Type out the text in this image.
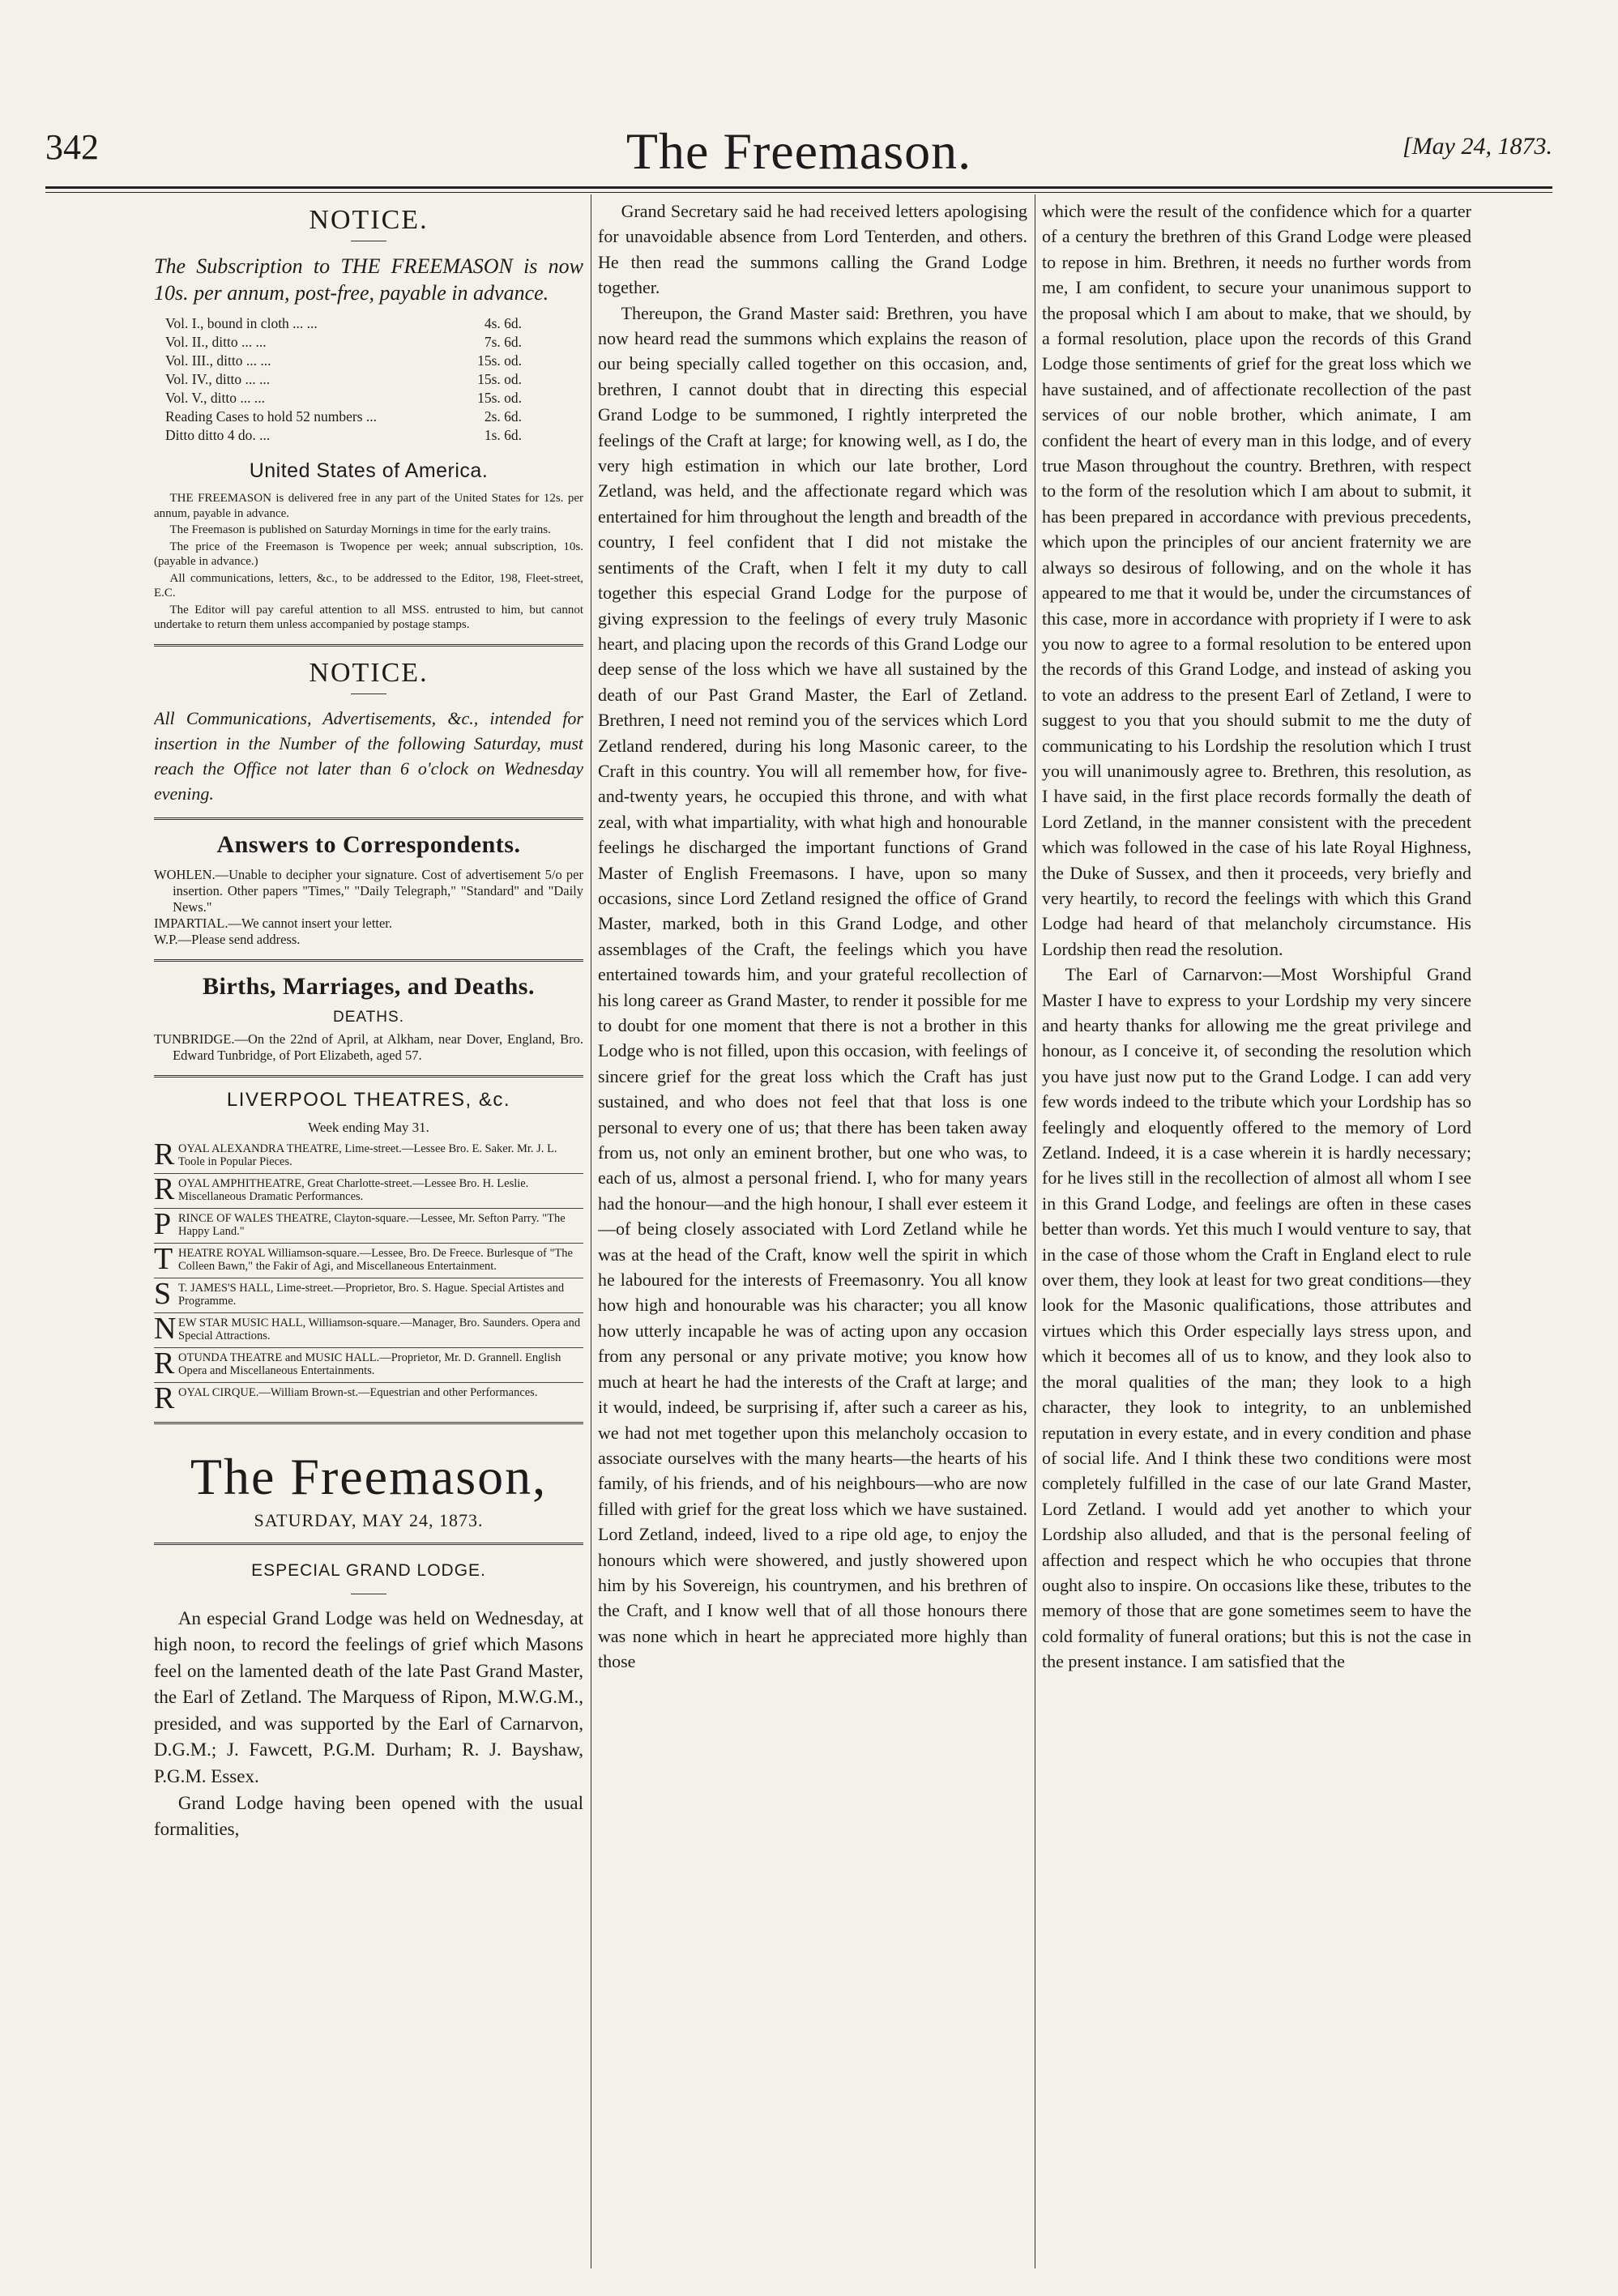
342	The Freemason.	[May 24, 1873.
NOTICE.

The Subscription to THE FREEMASON is now 10s. per annum, post-free, payable in advance.

Vol. I., bound in cloth ... ...	4s. 6d.
Vol. II., ditto ... ...	7s. 6d.
Vol. III., ditto ... ...	15s. od.
Vol. IV., ditto ... ...	15s. od.
Vol. V., ditto ... ...	15s. od.
Reading Cases to hold 52 numbers ...	2s. 6d.
Ditto ditto 4 do. ...	1s. 6d.
United States of America.

THE FREEMASON is delivered free in any part of the United States for 12s. per annum, payable in advance.

The Freemason is published on Saturday Mornings in time for the early trains.

The price of the Freemason is Twopence per week; annual subscription, 10s. (payable in advance.)

All communications, letters, &c., to be addressed to the Editor, 198, Fleet-street, E.C.

The Editor will pay careful attention to all MSS. entrusted to him, but cannot undertake to return them unless accompanied by postage stamps.

NOTICE.

All Communications, Advertisements, &c., intended for insertion in the Number of the following Saturday, must reach the Office not later than 6 o'clock on Wednesday evening.

Answers to Correspondents.

WOHLEN.—Unable to decipher your signature. Cost of advertisement 5/o per insertion. Other papers "Times," "Daily Telegraph," "Standard" and "Daily News."

IMPARTIAL.—We cannot insert your letter.

W.P.—Please send address.

Births, Marriages, and Deaths.
DEATHS.

TUNBRIDGE.—On the 22nd of April, at Alkham, near Dover, England, Bro. Edward Tunbridge, of Port Elizabeth, aged 57.

LIVERPOOL THEATRES, &c.
Week ending May 31.
R OYAL ALEXANDRA THEATRE, Lime-street.—Lessee Bro. E. Saker. Mr. J. L. Toole in Popular Pieces.
R OYAL AMPHITHEATRE, Great Charlotte-street.—Lessee Bro. H. Leslie. Miscellaneous Dramatic Performances.
P RINCE OF WALES THEATRE, Clayton-square.—Lessee, Mr. Sefton Parry. "The Happy Land."
T HEATRE ROYAL Williamson-square.—Lessee, Bro. De Freece. Burlesque of "The Colleen Bawn," the Fakir of Agi, and Miscellaneous Entertainment.
S T. JAMES'S HALL, Lime-street.—Proprietor, Bro. S. Hague. Special Artistes and Programme.
N EW STAR MUSIC HALL, Williamson-square.—Manager, Bro. Saunders. Opera and Special Attractions.
R OTUNDA THEATRE and MUSIC HALL.—Proprietor, Mr. D. Grannell. English Opera and Miscellaneous Entertainments.
R OYAL CIRQUE.—William Brown-st.—Equestrian and other Performances.
The Freemason,
SATURDAY, MAY 24, 1873.
ESPECIAL GRAND LODGE.

An especial Grand Lodge was held on Wednesday, at high noon, to record the feelings of grief which Masons feel on the lamented death of the late Past Grand Master, the Earl of Zetland. The Marquess of Ripon, M.W.G.M., presided, and was supported by the Earl of Carnarvon, D.G.M.; J. Fawcett, P.G.M. Durham; R. J. Bayshaw, P.G.M. Essex.

Grand Lodge having been opened with the usual formalities,

Grand Secretary said he had received letters apologising for unavoidable absence from Lord Tenterden, and others. He then read the summons calling the Grand Lodge together.

Thereupon, the Grand Master said: Brethren, you have now heard read the summons which explains the reason of our being specially called together on this occasion, and, brethren, I cannot doubt that in directing this especial Grand Lodge to be summoned, I rightly interpreted the feelings of the Craft at large; for knowing well, as I do, the very high estimation in which our late brother, Lord Zetland, was held, and the affectionate regard which was entertained for him throughout the length and breadth of the country, I feel confident that I did not mistake the sentiments of the Craft, when I felt it my duty to call together this especial Grand Lodge for the purpose of giving expression to the feelings of every truly Masonic heart, and placing upon the records of this Grand Lodge our deep sense of the loss which we have all sustained by the death of our Past Grand Master, the Earl of Zetland. Brethren, I need not remind you of the services which Lord Zetland rendered, during his long Masonic career, to the Craft in this country. You will all remember how, for five-and-twenty years, he occupied this throne, and with what zeal, with what impartiality, with what high and honourable feelings he discharged the important functions of Grand Master of English Freemasons. I have, upon so many occasions, since Lord Zetland resigned the office of Grand Master, marked, both in this Grand Lodge, and other assemblages of the Craft, the feelings which you have entertained towards him, and your grateful recollection of his long career as Grand Master, to render it possible for me to doubt for one moment that there is not a brother in this Lodge who is not filled, upon this occasion, with feelings of sincere grief for the great loss which the Craft has just sustained, and who does not feel that that loss is one personal to every one of us; that there has been taken away from us, not only an eminent brother, but one who was, to each of us, almost a personal friend. I, who for many years had the honour—and the high honour, I shall ever esteem it—of being closely associated with Lord Zetland while he was at the head of the Craft, know well the spirit in which he laboured for the interests of Freemasonry. You all know how high and honourable was his character; you all know how utterly incapable he was of acting upon any occasion from any personal or any private motive; you know how much at heart he had the interests of the Craft at large; and it would, indeed, be surprising if, after such a career as his, we had not met together upon this melancholy occasion to associate ourselves with the many hearts—the hearts of his family, of his friends, and of his neighbours—who are now filled with grief for the great loss which we have sustained. Lord Zetland, indeed, lived to a ripe old age, to enjoy the honours which were showered, and justly showered upon him by his Sovereign, his countrymen, and his brethren of the Craft, and I know well that of all those honours there was none which in heart he appreciated more highly than those

which were the result of the confidence which for a quarter of a century the brethren of this Grand Lodge were pleased to repose in him. Brethren, it needs no further words from me, I am confident, to secure your unanimous support to the proposal which I am about to make, that we should, by a formal resolution, place upon the records of this Grand Lodge those sentiments of grief for the great loss which we have sustained, and of affectionate recollection of the past services of our noble brother, which animate, I am confident the heart of every man in this lodge, and of every true Mason throughout the country. Brethren, with respect to the form of the resolution which I am about to submit, it has been prepared in accordance with previous precedents, which upon the principles of our ancient fraternity we are always so desirous of following, and on the whole it has appeared to me that it would be, under the circumstances of this case, more in accordance with propriety if I were to ask you now to agree to a formal resolution to be entered upon the records of this Grand Lodge, and instead of asking you to vote an address to the present Earl of Zetland, I were to suggest to you that you should submit to me the duty of communicating to his Lordship the resolution which I trust you will unanimously agree to. Brethren, this resolution, as I have said, in the first place records formally the death of Lord Zetland, in the manner consistent with the precedent which was followed in the case of his late Royal Highness, the Duke of Sussex, and then it proceeds, very briefly and very heartily, to record the feelings with which this Grand Lodge had heard of that melancholy circumstance. His Lordship then read the resolution.

The Earl of Carnarvon:—Most Worshipful Grand Master I have to express to your Lordship my very sincere and hearty thanks for allowing me the great privilege and honour, as I conceive it, of seconding the resolution which you have just now put to the Grand Lodge. I can add very few words indeed to the tribute which your Lordship has so feelingly and eloquently offered to the memory of Lord Zetland. Indeed, it is a case wherein it is hardly necessary; for he lives still in the recollection of almost all whom I see in this Grand Lodge, and feelings are often in these cases better than words. Yet this much I would venture to say, that in the case of those whom the Craft in England elect to rule over them, they look at least for two great conditions—they look for the Masonic qualifications, those attributes and virtues which this Order especially lays stress upon, and which it becomes all of us to know, and they look also to the moral qualities of the man; they look to a high character, they look to integrity, to an unblemished reputation in every estate, and in every condition and phase of social life. And I think these two conditions were most completely fulfilled in the case of our late Grand Master, Lord Zetland. I would add yet another to which your Lordship also alluded, and that is the personal feeling of affection and respect which he who occupies that throne ought also to inspire. On occasions like these, tributes to the memory of those that are gone sometimes seem to have the cold formality of funeral orations; but this is not the case in the present instance. I am satisfied that the
